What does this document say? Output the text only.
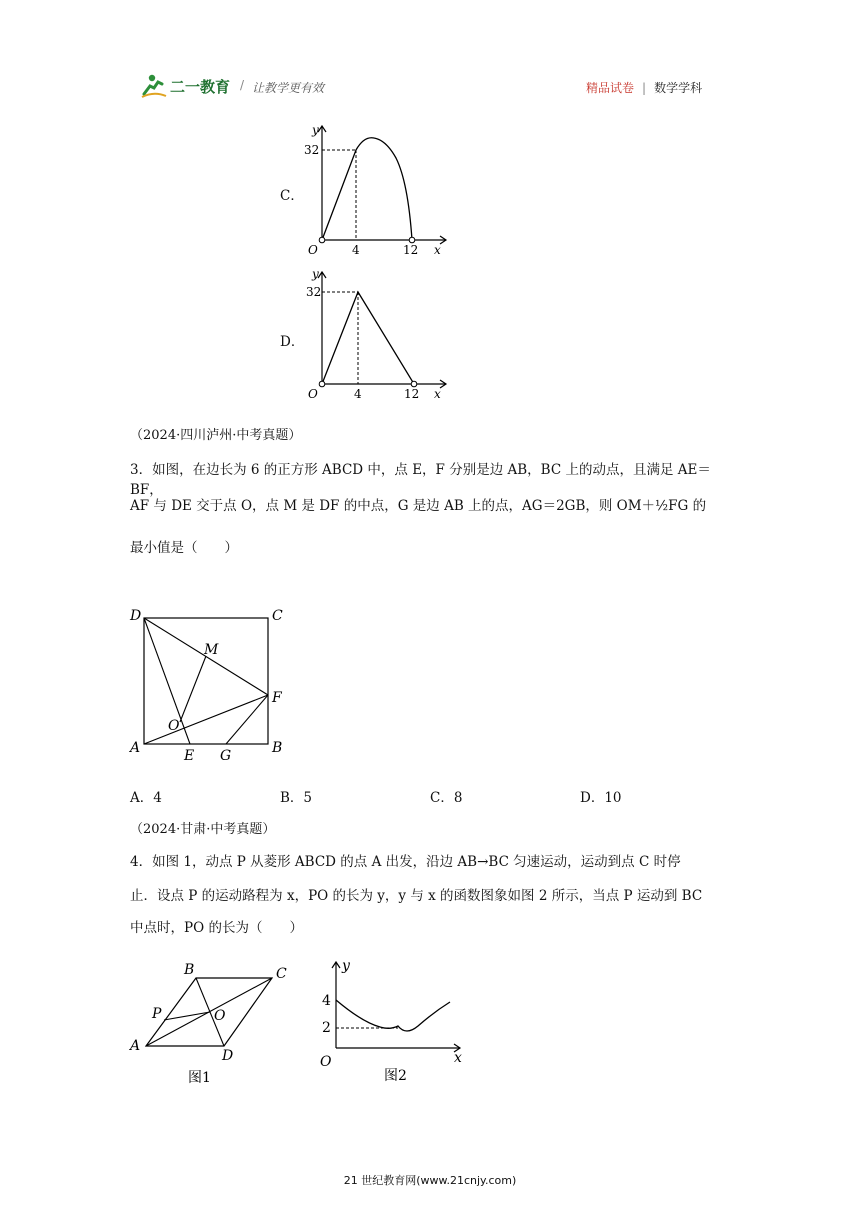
二一教育 / 让教学更有效	精品试卷 | 数学学科
C．
y
32
O	4	12 x
D．
y
32
O	4	12 x
（2024·四川泸州·中考真题）
3．如图，在边长为 6 的正方形 ABCD 中，点 E，F 分别是边 AB，BC 上的动点，且满足 AE＝BF，
AF 与 DE 交于点 O，点 M 是 DF 的中点，G 是边 AB 上的点，AG＝2GB，则 OM＋½FG 的
最小值是（　　）
D	C
M
F
O
A	E G	B
A．4	B．5	C．8	D．10
（2024·甘肃·中考真题）
4．如图 1，动点 P 从菱形 ABCD 的点 A 出发，沿边 AB→BC 匀速运动，运动到点 C 时停
止．设点 P 的运动路程为 x，PO 的长为 y，y 与 x 的函数图象如图 2 所示，当点 P 运动到 BC
中点时，PO 的长为（　　）
B	C
P	O
A
D
图1
y
4
2
O	x
图2
21 世纪教育网(www.21cnjy.com)
